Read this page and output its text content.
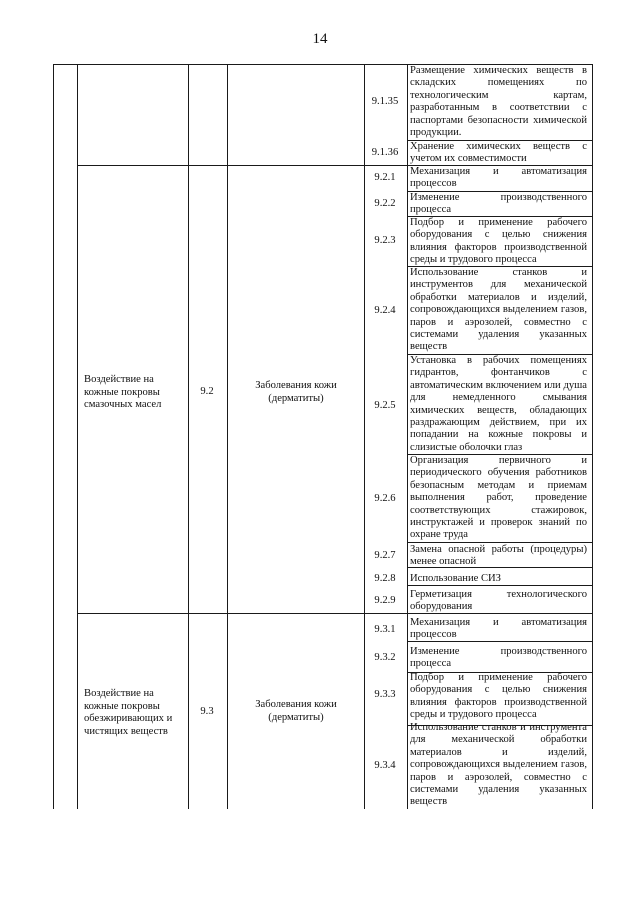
14
Воздействие на кожные покровы смазочных масел
9.2
Заболевания кожи (дерматиты)
Воздействие на кожные покровы обезжиривающих и чистящих веществ
9.3
Заболевания кожи (дерматиты)
9.1.35
Размещение химических веществ в складских помещениях по технологическим картам, разработанным в соответствии с паспортами безопасности химической продукции.
9.1.36
Хранение химических веществ с учетом их совместимости
9.2.1
Механизация и автоматизация процессов
9.2.2
Изменение производственного процесса
9.2.3
Подбор и применение рабочего оборудования с целью снижения влияния факторов производственной среды и трудового процесса
9.2.4
Использование станков и инструментов для механической обработки материалов и изделий, сопровождающихся выделением газов, паров и аэрозолей, совместно с системами удаления указанных веществ
9.2.5
Установка в рабочих помещениях гидрантов, фонтанчиков с автоматическим включением или душа для немедленного смывания химических веществ, обладающих раздражающим действием, при их попадании на кожные покровы и слизистые оболочки глаз
9.2.6
Организация первичного и периодического обучения работников безопасным методам и приемам выполнения работ, проведение соответствующих стажировок, инструктажей и проверок знаний по охране труда
9.2.7
Замена опасной работы (процедуры) менее опасной
9.2.8	Использование СИЗ
9.2.9
Герметизация технологического оборудования
9.3.1
Механизация и автоматизация процессов
9.3.2
Изменение производственного процесса
9.3.3
Подбор и применение рабочего оборудования с целью снижения влияния факторов производственной среды и трудового процесса
9.3.4
Использование станков и инструмента для механической обработки материалов и изделий, сопровождающихся выделением газов, паров и аэрозолей, совместно с системами удаления указанных веществ
